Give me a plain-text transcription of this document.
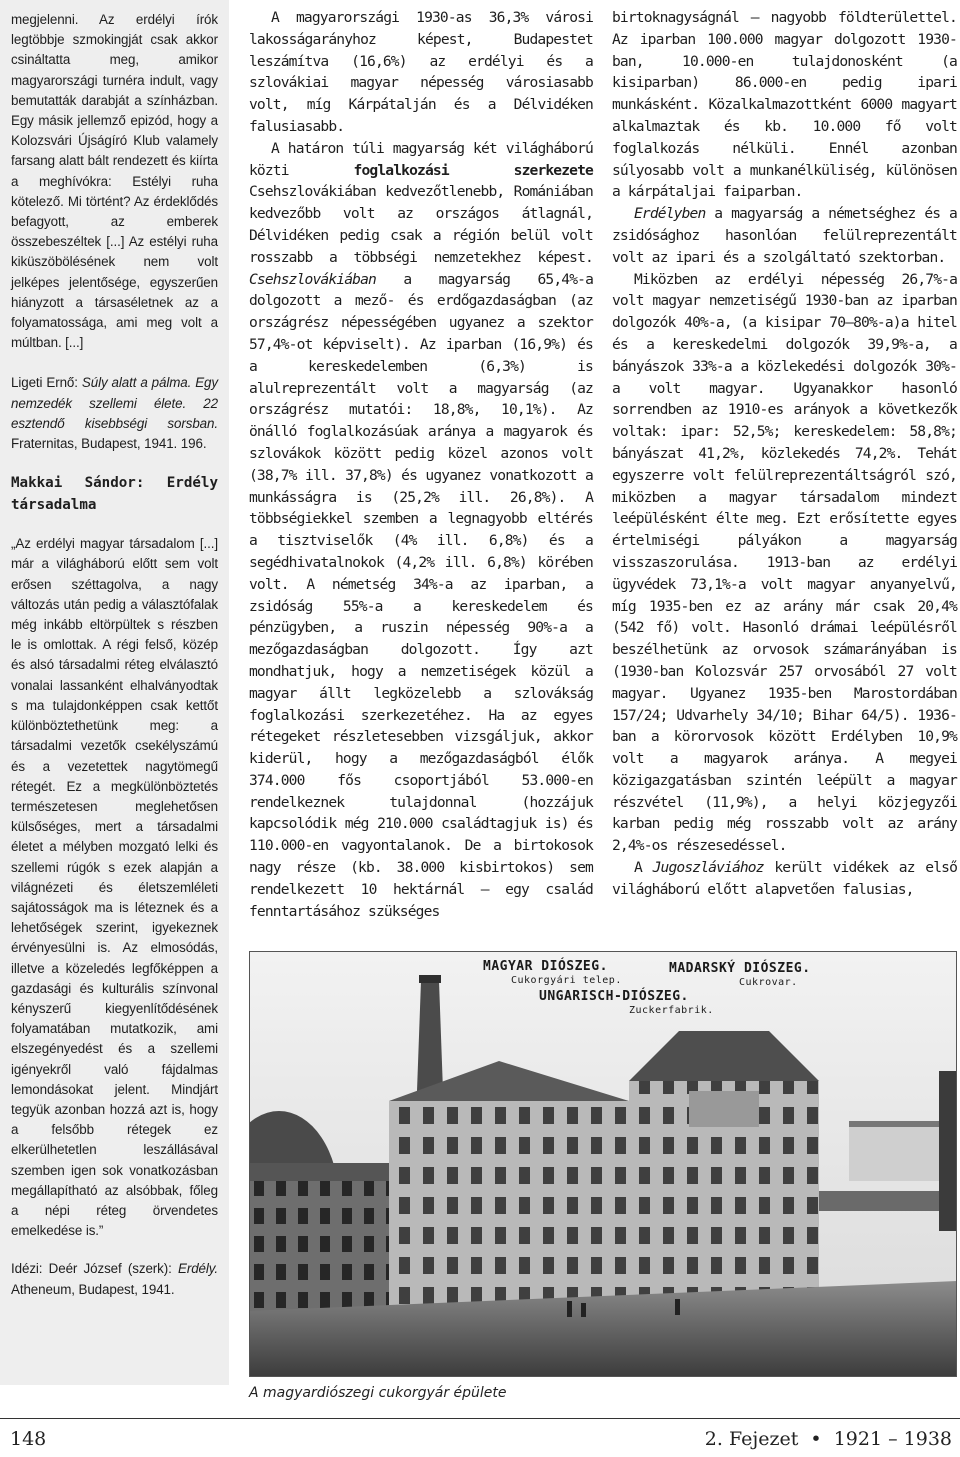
megjelenni. Az erdélyi írók legtöbbje szmokingját csak akkor csináltatta meg, amikor magyarországi turnéra indult, vagy bemutatták darabját a színházban. Egy másik jellemző epizód, hogy a Kolozsvári Újságíró Klub valamely farsang alatt bált rendezett és kiírta a meghívókra: Estélyi ruha kötelező. Mi történt? Az érdeklődés befagyott, az emberek összebeszéltek [...] Az estélyi ruha kiküszöbölésének nem volt jelképes jelentősége, egyszerűen hiányzott a társaséletnek az a folyamatossága, ami meg volt a múltban. [...]

Ligeti Ernő: Súly alatt a pálma. Egy nemzedék szellemi élete. 22 esztendő kisebbségi sorsban. Fraternitas, Budapest, 1941. 196.

Makkai Sándor: Erdély társadalma

„Az erdélyi magyar társadalom [...] már a világháború előtt sem volt erősen széttagolva, a nagy változás után pedig a választófalak még inkább eltörpültek s részben le is omlottak. A régi felső, közép és alsó társadalmi réteg elválasztó vonalai lassanként elhalványodtak s ma tulajdonképpen csak kettőt különböztethetünk meg: a társadalmi vezetők csekélyszámú és a vezetettek nagytömegű rétegét. Ez a megkülönböztetés természetesen meglehetősen külsőséges, mert a társadalmi életet a mélyben mozgató lelki és szellemi rúgók s ezek alapján a világnézeti és életszemléleti sajátosságok ma is léteznek és a lehetőségek szerint, igyekeznek érvényesülni is. Az elmosódás, illetve a közeledés legfőképpen a gazdasági és kulturális színvonal kényszerű kiegyenlítődésének folyamatában mutatkozik, ami elszegényedést és a szellemi igényekről való fájdalmas lemondásokat jelent. Mindjárt tegyük azonban hozzá azt is, hogy a felsőbb rétegek ez elkerülhetetlen leszállásával szemben igen sok vonatkozásban megállapítható az alsóbbak, főleg a népi réteg örvendetes emelkedése is.”

Idézi: Deér József (szerk): Erdély. Atheneum, Budapest, 1941.

A magyarországi 1930-as 36,3% városi lakosságarányhoz képest, Budapestet leszámítva (16,6%) az erdélyi és a szlovákiai magyar népesség városiasabb volt, míg Kárpátalján és a Délvidéken falusiasabb.

A határon túli magyarság két világháború közti	foglalkozási szerkezete Csehszlovákiában kedvezőtlenebb, Romániában kedvezőbb volt az országos átlagnál, Délvidéken pedig csak a régión belül volt rosszabb a többségi nemzetekhez képest. Csehszlovákiában a magyarság 65,4%-a dolgozott a mező- és erdőgazdaságban (az országrész népességében ugyanez a szektor 57,4%-ot képviselt). Az iparban (16,9%) és a kereskedelemben (6,3%) is alulreprezentált volt a magyarság (az országrész mutatói: 18,8%, 10,1%). Az önálló foglalkozásúak aránya a magyarok és szlovákok között pedig közel azonos volt (38,7% ill. 37,8%) és ugyanez vonatkozott a munkásságra is (25,2% ill. 26,8%). A többségiekkel szemben a legnagyobb eltérés a tisztviselők (4% ill. 6,8%) és a segédhivatalnokok (4,2% ill. 6,8%) körében volt. A németség 34%-a az iparban, a zsidóság 55%-a a kereskedelem és pénzügyben, a ruszin népesség 90%-a a mezőgazdaságban dolgozott. Így azt mondhatjuk, hogy a nemzetiségek közül a magyar állt legközelebb a szlovákság foglalkozási szerkezetéhez. Ha az egyes rétegeket részletesebben vizsgáljuk, akkor kiderül, hogy a mezőgazdaságból élők 374.000 fős csoportjából 53.000-en rendelkeznek tulajdonnal (hozzájuk kapcsolódik még 210.000 családtagjuk is) és 110.000-en vagyontalanok. De a birtokosok nagy része (kb. 38.000 kisbirtokos) sem rendelkezett 10 hektárnál – egy család fenntartásához szükséges

birtoknagyságnál – nagyobb földterülettel. Az iparban 100.000 magyar dolgozott 1930-ban, 10.000-en tulajdonosként (a kisiparban) 86.000-en pedig ipari munkásként. Közalkalmazottként 6000 magyart alkalmaztak és kb. 10.000 fő volt foglalkozás nélküli. Ennél azonban súlyosabb volt a munkanélküliség, különösen a kárpátaljai faiparban.

Erdélyben a magyarság a németséghez és a zsidósághoz hasonlóan felülreprezentált volt az ipari és a szolgáltató szektorban.

Miközben az erdélyi népesség 26,7%-a volt magyar nemzetiségű 1930-ban az iparban dolgozók 40%-a, (a kisipar 70–80%-a)a hitel és a kereskedelmi dolgozók 39,9%-a, a bányászok 33%-a a közlekedési dolgozók 30%-a volt magyar. Ugyanakkor hasonló sorrendben az 1910-es arányok a következők voltak: ipar: 52,5%; kereskedelem: 58,8%; bányászat 41,2%, közlekedés 74,2%. Tehát egyszerre volt felülreprezentáltságról szó, miközben a magyar társadalom mindezt leépülésként élte meg. Ezt erősítette egyes értelmiségi pályákon a magyarság visszaszorulása. 1913-ban az erdélyi ügyvédek 73,1%-a volt magyar anyanyelvű, míg 1935-ben ez az arány már csak 20,4% (542 fő) volt. Hasonló drámai leépülésről beszélhetünk az orvosok számarányában is (1930-ban Kolozsvár 257 orvosából 27 volt magyar. Ugyanez 1935-ben Marostordában 157/24; Udvarhely 34/10; Bihar 64/5). 1936-ban a körorvosok között Erdélyben 10,9% volt a magyarok aránya. A megyei közigazgatásban szintén leépült a magyar részvétel (11,9%), a helyi közjegyzői karban pedig még rosszabb volt az arány 2,4%-os részesedéssel.

A Jugoszláviához került vidékek az első világháború előtt alapvetően falusias,

MAGYAR DIÓSZEG.
Cukorgyári telep.
MADARSKÝ DIÓSZEG.
Cukrovar.
UNGARISCH-DIÓSZEG.
Zuckerfabrik.
A magyardiószegi cukorgyár épülete
148	2. Fejezet • 1921 – 1938
